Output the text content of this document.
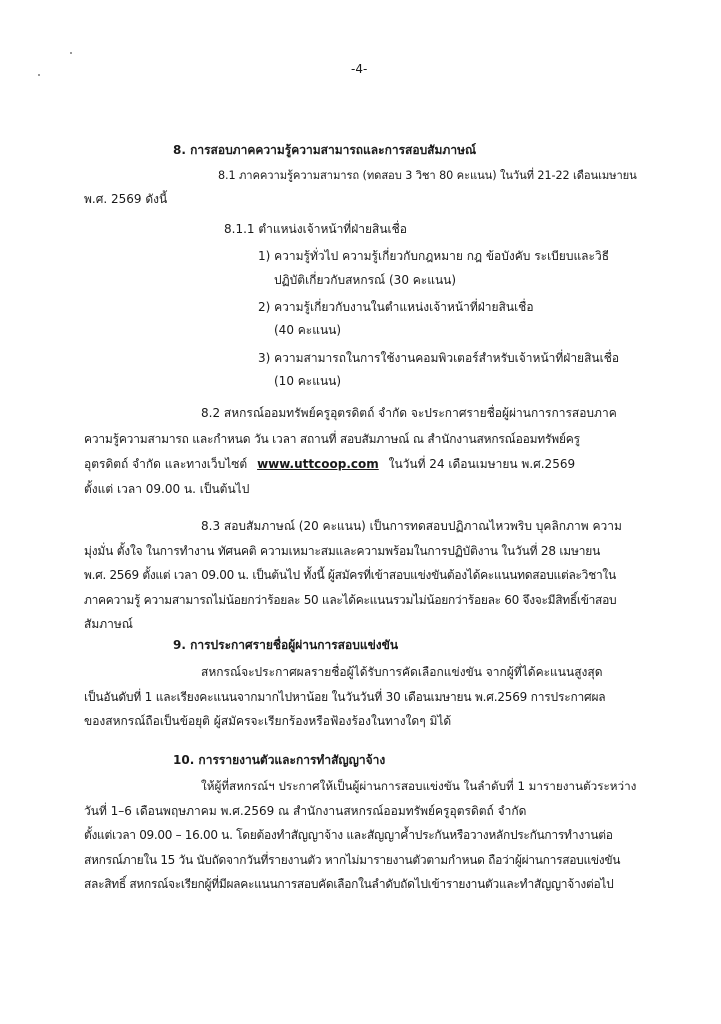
-4-
8. การสอบภาคความรู้ความสามารถและการสอบสัมภาษณ์
8.1 ภาคความรู้ความสามารถ (ทดสอบ 3 วิชา 80 คะแนน) ในวันที่ 21-22 เดือนเมษายน
พ.ศ. 2569 ดังนี้
8.1.1 ตำแหน่งเจ้าหน้าที่ฝ่ายสินเชื่อ
1) ความรู้ทั่วไป ความรู้เกี่ยวกับกฎหมาย กฎ ข้อบังคับ ระเบียบและวิธี
ปฏิบัติเกี่ยวกับสหกรณ์ (30 คะแนน)
2) ความรู้เกี่ยวกับงานในตำแหน่งเจ้าหน้าที่ฝ่ายสินเชื่อ
(40 คะแนน)
3) ความสามารถในการใช้งานคอมพิวเตอร์สำหรับเจ้าหน้าที่ฝ่ายสินเชื่อ
(10 คะแนน)
8.2 สหกรณ์ออมทรัพย์ครูอุตรดิตถ์ จำกัด จะประกาศรายชื่อผู้ผ่านการการสอบภาค
ความรู้ความสามารถ และกำหนด วัน เวลา สถานที่ สอบสัมภาษณ์ ณ สำนักงานสหกรณ์ออมทรัพย์ครู
อุตรดิตถ์ จำกัด และทางเว็บไซต์ www.uttcoop.com ในวันที่ 24 เดือนเมษายน พ.ศ.2569
ตั้งแต่ เวลา 09.00 น. เป็นต้นไป
8.3 สอบสัมภาษณ์ (20 คะแนน) เป็นการทดสอบปฏิภาณไหวพริบ บุคลิกภาพ ความ
มุ่งมั่น ตั้งใจ ในการทำงาน ทัศนคติ ความเหมาะสมและความพร้อมในการปฏิบัติงาน ในวันที่ 28 เมษายน
พ.ศ. 2569 ตั้งแต่ เวลา 09.00 น. เป็นต้นไป ทั้งนี้ ผู้สมัครที่เข้าสอบแข่งขันต้องได้คะแนนทดสอบแต่ละวิชาใน
ภาคความรู้ ความสามารถไม่น้อยกว่าร้อยละ 50 และได้คะแนนรวมไม่น้อยกว่าร้อยละ 60 จึงจะมีสิทธิ์เข้าสอบ
สัมภาษณ์
9. การประกาศรายชื่อผู้ผ่านการสอบแข่งขัน
สหกรณ์จะประกาศผลรายชื่อผู้ได้รับการคัดเลือกแข่งขัน จากผู้ที่ได้คะแนนสูงสุด
เป็นอันดับที่ 1 และเรียงคะแนนจากมากไปหาน้อย ในวันวันที่ 30 เดือนเมษายน พ.ศ.2569 การประกาศผล
ของสหกรณ์ถือเป็นข้อยุติ ผู้สมัครจะเรียกร้องหรือฟ้องร้องในทางใดๆ มิได้
10. การรายงานตัวและการทำสัญญาจ้าง
ให้ผู้ที่สหกรณ์ฯ ประกาศให้เป็นผู้ผ่านการสอบแข่งขัน ในลำดับที่ 1 มารายงานตัวระหว่าง
วันที่ 1–6 เดือนพฤษภาคม พ.ศ.2569 ณ สำนักงานสหกรณ์ออมทรัพย์ครูอุตรดิตถ์ จำกัด
ตั้งแต่เวลา 09.00 – 16.00 น. โดยต้องทำสัญญาจ้าง และสัญญาค้ำประกันหรือวางหลักประกันการทำงานต่อ
สหกรณ์ภายใน 15 วัน นับถัดจากวันที่รายงานตัว หากไม่มารายงานตัวตามกำหนด ถือว่าผู้ผ่านการสอบแข่งขัน
สละสิทธิ์ สหกรณ์จะเรียกผู้ที่มีผลคะแนนการสอบคัดเลือกในลำดับถัดไปเข้ารายงานตัวและทำสัญญาจ้างต่อไป
